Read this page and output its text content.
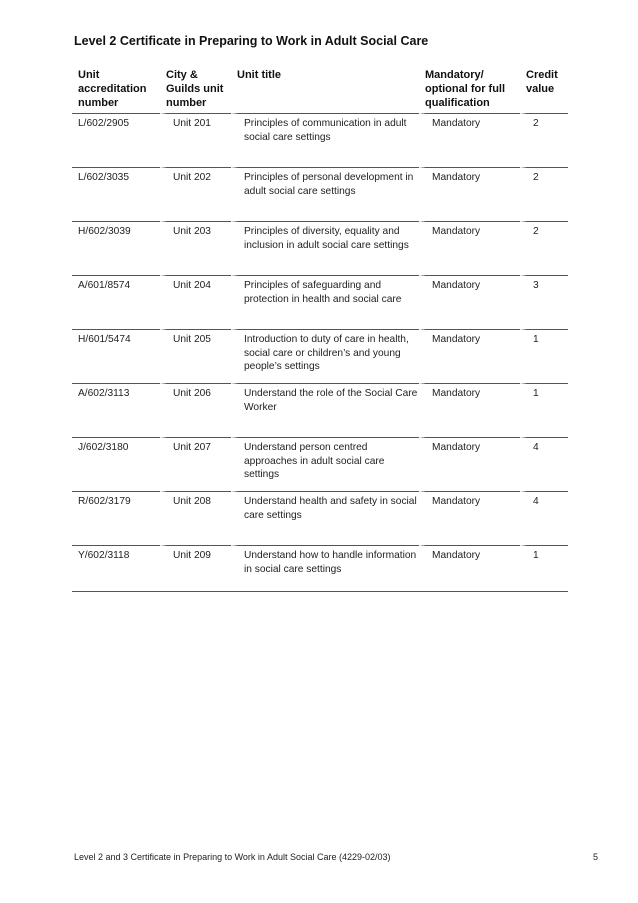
Level 2 Certificate in Preparing to Work in Adult Social Care
Unit accreditation number	City & Guilds unit number	Unit title	Mandatory/ optional for full qualification	Credit value
L/602/2905	Unit 201	Principles of communication in adult social care settings	Mandatory	2
L/602/3035	Unit 202	Principles of personal development in adult social care settings	Mandatory	2
H/602/3039	Unit 203	Principles of diversity, equality and inclusion in adult social care settings	Mandatory	2
A/601/8574	Unit 204	Principles of safeguarding and protection in health and social care	Mandatory	3
H/601/5474	Unit 205	Introduction to duty of care in health, social care or children’s and young people’s settings	Mandatory	1
A/602/3113	Unit 206	Understand the role of the Social Care Worker	Mandatory	1
J/602/3180	Unit 207	Understand person centred approaches in adult social care settings	Mandatory	4
R/602/3179	Unit 208	Understand health and safety in social care settings	Mandatory	4
Y/602/3118	Unit 209	Understand how to handle information in social care settings	Mandatory	1
Level 2 and 3 Certificate in Preparing to Work in Adult Social Care (4229-02/03)	5
